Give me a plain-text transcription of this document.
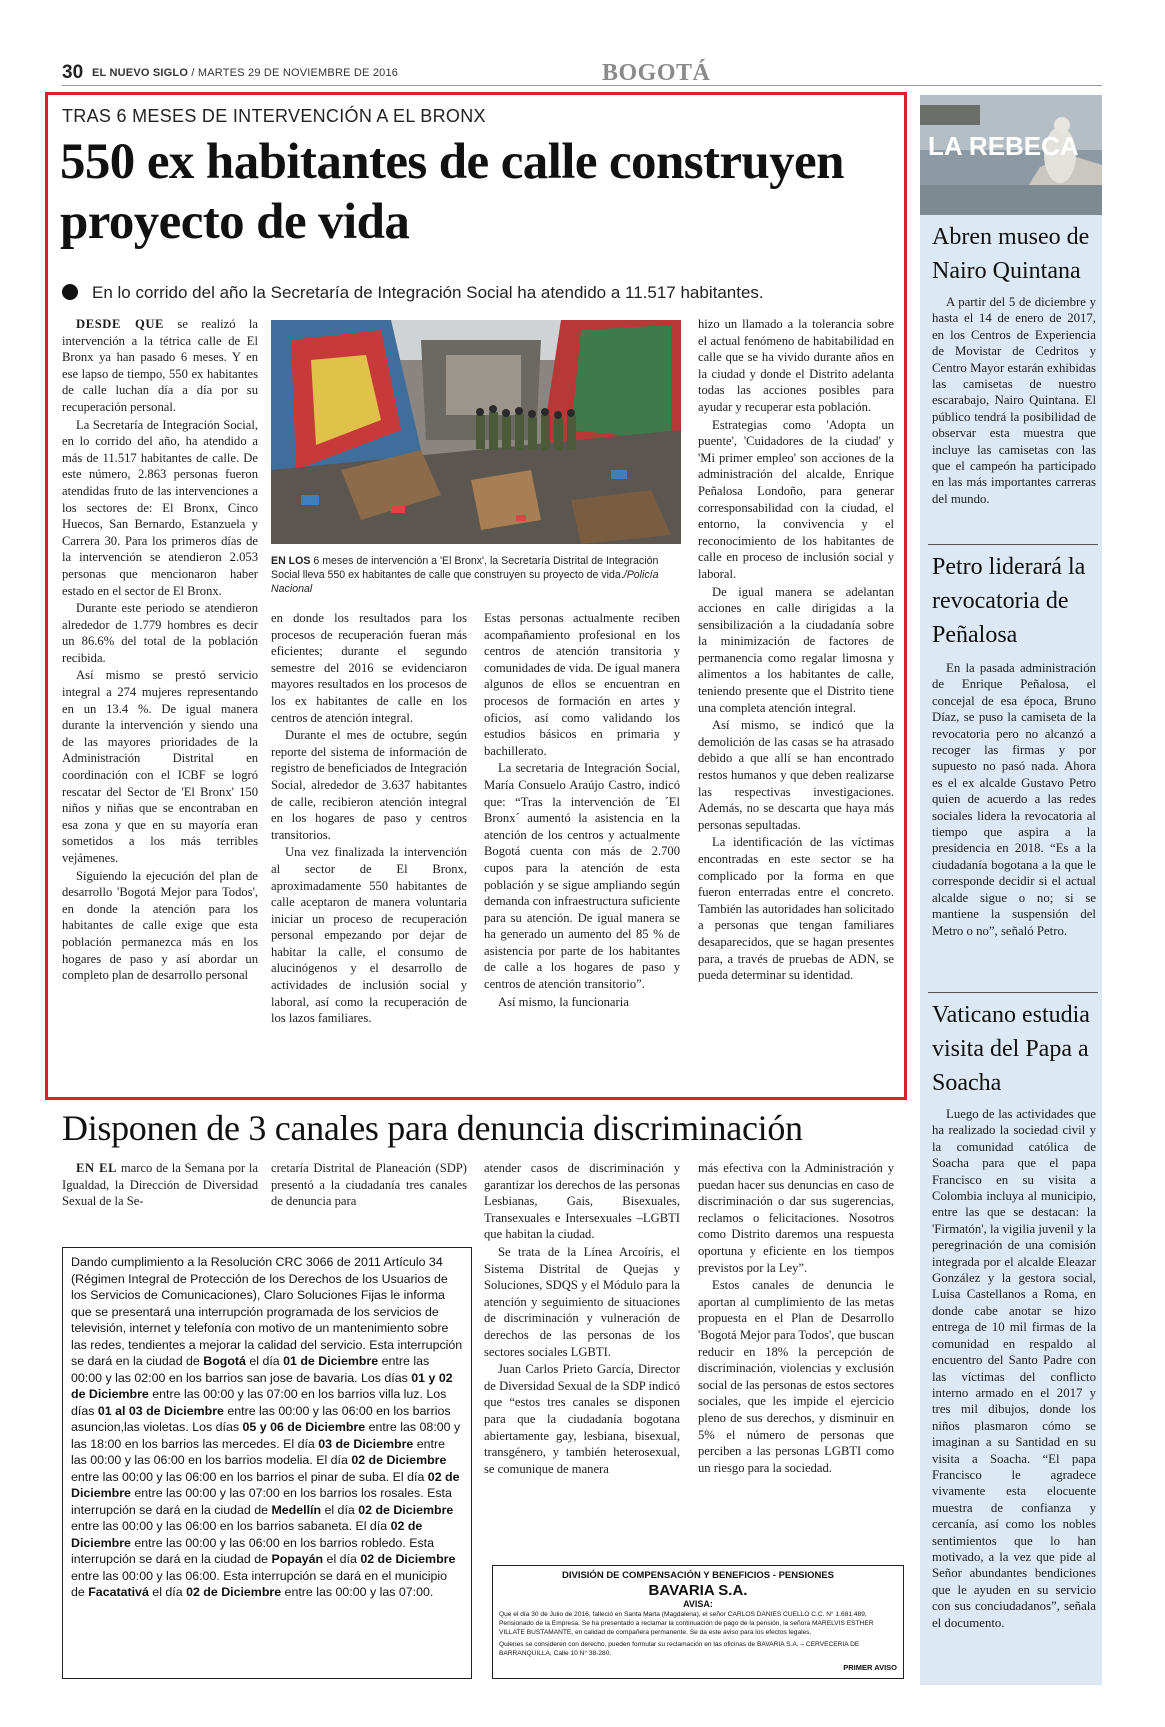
30 EL NUEVO SIGLO / MARTES 29 DE NOVIEMBRE DE 2016	BOGOTÁ
TRAS 6 MESES DE INTERVENCIÓN A EL BRONX
550 ex habitantes de calle construyen proyecto de vida
En lo corrido del año la Secretaría de Integración Social ha atendido a 11.517 habitantes.

DESDE QUE se realizó la intervención a la tétrica calle de El Bronx ya han pasado 6 meses. Y en ese lapso de tiempo, 550 ex habitantes de calle luchan día a día por su recuperación personal.

La Secretaría de Integración Social, en lo corrido del año, ha atendido a más de 11.517 habitantes de calle. De este número, 2.863 personas fueron atendidas fruto de las intervenciones a los sectores de: El Bronx, Cinco Huecos, San Bernardo, Estanzuela y Carrera 30. Para los primeros días de la intervención se atendieron 2.053 personas que mencionaron haber estado en el sector de El Bronx.

Durante este periodo se atendieron alrededor de 1.779 hombres es decir un 86.6% del total de la población recibida.

Así mismo se prestó servicio integral a 274 mujeres representando en un 13.4 %. De igual manera durante la intervención y siendo una de las mayores prioridades de la Administración Distrital en coordinación con el ICBF se logró rescatar del Sector de 'El Bronx' 150 niños y niñas que se encontraban en esa zona y que en su mayoría eran sometidos a los más terribles vejámenes.

Siguiendo la ejecución del plan de desarrollo 'Bogotá Mejor para Todos', en donde la atención para los habitantes de calle exige que esta población permanezca más en los hogares de paso y así abordar un completo plan de desarrollo personal

EN LOS 6 meses de intervención a 'El Bronx', la Secretaría Distrital de Integración Social lleva 550 ex habitantes de calle que construyen su proyecto de vida./Policía Nacional

en donde los resultados para los procesos de recuperación fueran más eficientes; durante el segundo semestre del 2016 se evidenciaron mayores resultados en los procesos de los ex habitantes de calle en los centros de atención integral.

Durante el mes de octubre, según reporte del sistema de información de registro de beneficiados de Integración Social, alrededor de 3.637 habitantes de calle, recibieron atención integral en los hogares de paso y centros transitorios.

Una vez finalizada la intervención al sector de El Bronx, aproximadamente 550 habitantes de calle aceptaron de manera voluntaria iniciar un proceso de recuperación personal empezando por dejar de habitar la calle, el consumo de alucinógenos y el desarrollo de actividades de inclusión social y laboral, así como la recuperación de los lazos familiares.

Estas personas actualmente reciben acompañamiento profesional en los centros de atención transitoria y comunidades de vida. De igual manera algunos de ellos se encuentran en procesos de formación en artes y oficios, así como validando los estudios básicos en primaria y bachillerato.

La secretaria de Integración Social, María Consuelo Araújo Castro, indicó que: “Tras la intervención de ´El Bronx´ aumentó la asistencia en la atención de los centros y actualmente Bogotá cuenta con más de 2.700 cupos para la atención de esta población y se sigue ampliando según demanda con infraestructura suficiente para su atención. De igual manera se ha generado un aumento del 85 % de asistencia por parte de los habitantes de calle a los hogares de paso y centros de atención transitorio”.

Así mismo, la funcionaria

hizo un llamado a la tolerancia sobre el actual fenómeno de habitabilidad en calle que se ha vivido durante años en la ciudad y donde el Distrito adelanta todas las acciones posibles para ayudar y recuperar esta población.

Estrategias como 'Adopta un puente', 'Cuidadores de la ciudad' y 'Mi primer empleo' son acciones de la administración del alcalde, Enrique Peñalosa Londoño, para generar corresponsabilidad con la ciudad, el entorno, la convivencia y el reconocimiento de los habitantes de calle en proceso de inclusión social y laboral.

De igual manera se adelantan acciones en calle dirigidas a la sensibilización a la ciudadanía sobre la minimización de factores de permanencia como regalar limosna y alimentos a los habitantes de calle, teniendo presente que el Distrito tiene una completa atención integral.

Así mismo, se indicó que la demolición de las casas se ha atrasado debido a que allí se han encontrado restos humanos y que deben realizarse las respectivas investigaciones. Además, no se descarta que haya más personas sepultadas.

La identificación de las víctimas encontradas en este sector se ha complicado por la forma en que fueron enterradas entre el concreto. También las autoridades han solicitado a personas que tengan familiares desaparecidos, que se hagan presentes para, a través de pruebas de ADN, se pueda determinar su identidad.

Disponen de 3 canales para denuncia discriminación

EN EL marco de la Semana por la Igualdad, la Dirección de Diversidad Sexual de la Se-

cretaría Distrital de Planeación (SDP) presentó a la ciudadanía tres canales de denuncia para

atender casos de discriminación y garantizar los derechos de las personas Lesbianas, Gais, Bisexuales, Transexuales e Intersexuales –LGBTI que habitan la ciudad.

Se trata de la Línea Arcoíris, el Sistema Distrital de Quejas y Soluciones, SDQS y el Módulo para la atención y seguimiento de situaciones de discriminación y vulneración de derechos de las personas de los sectores sociales LGBTI.

Juan Carlos Prieto García, Director de Diversidad Sexual de la SDP indicó que “estos tres canales se disponen para que la ciudadanía bogotana abiertamente gay, lesbiana, bisexual, transgénero, y también heterosexual, se comunique de manera

más efectiva con la Administración y puedan hacer sus denuncias en caso de discriminación o dar sus sugerencias, reclamos o felicitaciones. Nosotros como Distrito daremos una respuesta oportuna y eficiente en los tiempos previstos por la Ley”.

Estos canales de denuncia le aportan al cumplimiento de las metas propuesta en el Plan de Desarrollo 'Bogotá Mejor para Todos', que buscan reducir en 18% la percepción de discriminación, violencias y exclusión social de las personas de estos sectores sociales, que les impide el ejercicio pleno de sus derechos, y disminuir en 5% el número de personas que perciben a las personas LGBTI como un riesgo para la sociedad.

Dando cumplimiento a la Resolución CRC 3066 de 2011 Artículo 34 (Régimen Integral de Protección de los Derechos de los Usuarios de los Servicios de Comunicaciones), Claro Soluciones Fijas le informa que se presentará una interrupción programada de los servicios de televisión, internet y telefonía con motivo de un mantenimiento sobre las redes, tendientes a mejorar la calidad del servicio. Esta interrupción se dará en la ciudad de Bogotá el día 01 de Diciembre entre las 00:00 y las 02:00 en los barrios san jose de bavaria. Los días 01 y 02 de Diciembre entre las 00:00 y las 07:00 en los barrios villa luz. Los días 01 al 03 de Diciembre entre las 00:00 y las 06:00 en los barrios asuncion,las violetas. Los días 05 y 06 de Diciembre entre las 08:00 y las 18:00 en los barrios las mercedes. El día 03 de Diciembre entre las 00:00 y las 06:00 en los barrios modelia. El día 02 de Diciembre entre las 00:00 y las 06:00 en los barrios el pinar de suba. El día 02 de Diciembre entre las 00:00 y las 07:00 en los barrios los rosales. Esta interrupción se dará en la ciudad de Medellín el día 02 de Diciembre entre las 00:00 y las 06:00 en los barrios sabaneta. El día 02 de Diciembre entre las 00:00 y las 06:00 en los barrios robledo. Esta interrupción se dará en la ciudad de Popayán el día 02 de Diciembre entre las 00:00 y las 06:00. Esta interrupción se dará en el municipio de Facatativá el día 02 de Diciembre entre las 00:00 y las 07:00.
DIVISIÓN DE COMPENSACIÓN Y BENEFICIOS - PENSIONES
BAVARIA S.A.
AVISA:
Que el día 30 de Julio de 2016, falleció en Santa Marta (Magdalena), el señor CARLOS DANIES CUELLO C.C. N° 1.681.489, Pensionado de la Empresa. Se ha presentado a reclamar la continuación de pago de la pensión, la señora MARELVIS ESTHER VILLATE BUSTAMANTE, en calidad de compañera permanente. Se da este aviso para los efectos legales.
Quienes se consideren con derecho, pueden formular su reclamación en las oficinas de BAVARIA S.A. – CERVECERIA DE BARRANQUILLA, Calle 10 N° 38-280.
PRIMER AVISO
LA REBECA
Abren museo de Nairo Quintana

A partir del 5 de diciembre y hasta el 14 de enero de 2017, en los Centros de Experiencia de Movistar de Cedritos y Centro Mayor estarán exhibidas las camisetas de nuestro escarabajo, Nairo Quintana. El público tendrá la posibilidad de observar esta muestra que incluye las camisetas con las que el campeón ha participado en las más importantes carreras del mundo.

Petro liderará la revocatoria de Peñalosa

En la pasada administración de Enrique Peñalosa, el concejal de esa época, Bruno Díaz, se puso la camiseta de la revocatoria pero no alcanzó a recoger las firmas y por supuesto no pasó nada. Ahora es el ex alcalde Gustavo Petro quien de acuerdo a las redes sociales lidera la revocatoria al tiempo que aspira a la presidencia en 2018. “Es a la ciudadanía bogotana a la que le corresponde decidir si el actual alcalde sigue o no; si se mantiene la suspensión del Metro o no”, señaló Petro.

Vaticano estudia visita del Papa a Soacha

Luego de las actividades que ha realizado la sociedad civil y la comunidad católica de Soacha para que el papa Francisco en su visita a Colombia incluya al municipio, entre las que se destacan: la 'Firmatón', la vigilia juvenil y la peregrinación de una comisión integrada por el alcalde Eleazar González y la gestora social, Luisa Castellanos a Roma, en donde cabe anotar se hizo entrega de 10 mil firmas de la comunidad en respaldo al encuentro del Santo Padre con las víctimas del conflicto interno armado en el 2017 y tres mil dibujos, donde los niños plasmaron cómo se imaginan a su Santidad en su visita a Soacha. “El papa Francisco le agradece vivamente esta elocuente muestra de confianza y cercanía, así como los nobles sentimientos que lo han motivado, a la vez que pide al Señor abundantes bendiciones que le ayuden en su servicio con sus conciudadanos”, señala el documento.
